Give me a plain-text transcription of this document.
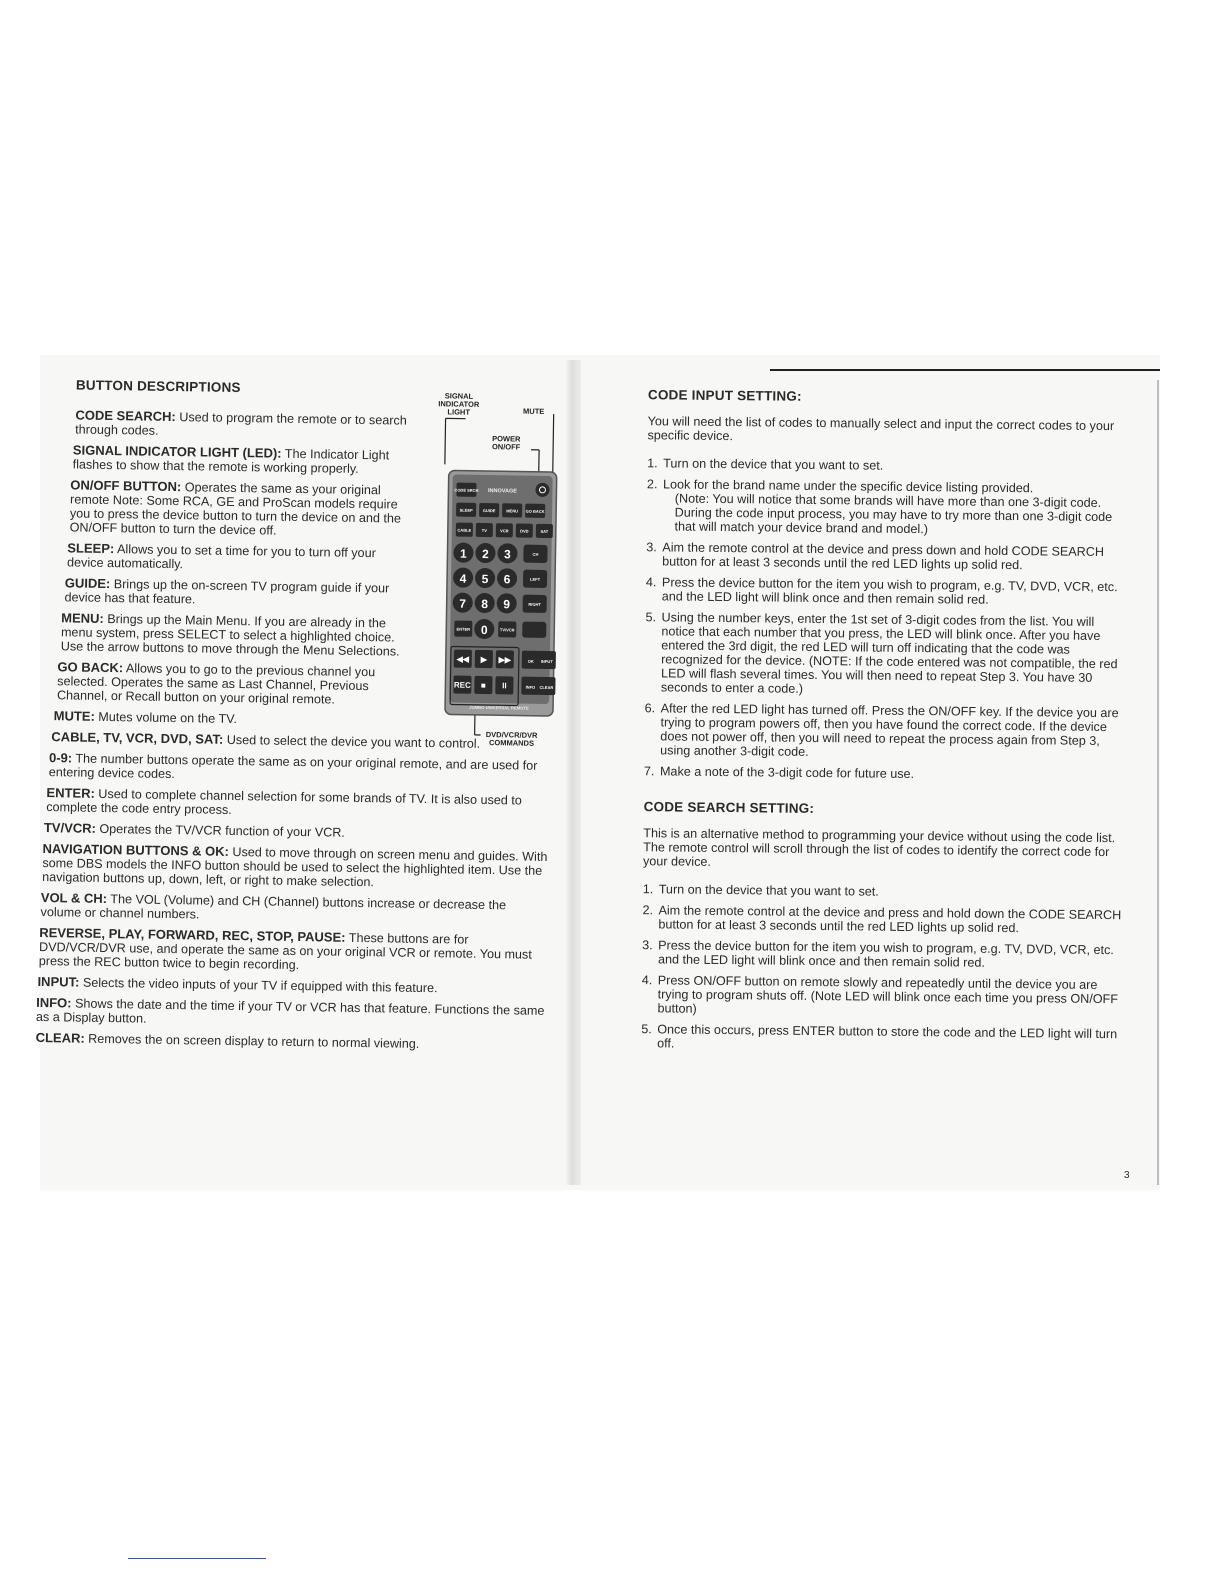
BUTTON DESCRIPTIONS
CODE SEARCH: Used to program the remote or to search through codes.
SIGNAL INDICATOR LIGHT (LED): The Indicator Light flashes to show that the remote is working properly.
ON/OFF BUTTON: Operates the same as your original remote Note: Some RCA, GE and ProScan models require you to press the device button to turn the device on and the ON/OFF button to turn the device off.
SLEEP: Allows you to set a time for you to turn off your device automatically.
GUIDE: Brings up the on-screen TV program guide if your device has that feature.
MENU: Brings up the Main Menu. If you are already in the menu system, press SELECT to select a highlighted choice. Use the arrow buttons to move through the Menu Selections.
GO BACK: Allows you to go to the previous channel you selected. Operates the same as Last Channel, Previous Channel, or Recall button on your original remote.
MUTE: Mutes volume on the TV.
CABLE, TV, VCR, DVD, SAT: Used to select the device you want to control.
0-9: The number buttons operate the same as on your original remote, and are used for entering device codes.
ENTER: Used to complete channel selection for some brands of TV. It is also used to complete the code entry process.
TV/VCR: Operates the TV/VCR function of your VCR.
NAVIGATION BUTTONS & OK: Used to move through on screen menu and guides. With some DBS models the INFO button should be used to select the highlighted item. Use the navigation buttons up, down, left, or right to make selection.
VOL & CH: The VOL (Volume) and CH (Channel) buttons increase or decrease the volume or channel numbers.
REVERSE, PLAY, FORWARD, REC, STOP, PAUSE: These buttons are for DVD/VCR/DVR use, and operate the same as on your original VCR or remote. You must press the REC button twice to begin recording.
INPUT: Selects the video inputs of your TV if equipped with this feature.
INFO: Shows the date and the time if your TV or VCR has that feature. Functions the same as a Display button.
CLEAR: Removes the on screen display to return to normal viewing.
SIGNAL INDICATOR LIGHT	MUTE
POWER ON/OFF
DVD/VCR/DVR COMMANDS
INNOVAGE
JUMBO UNIVERSAL REMOTE
CODE SRCH
SLEEP	GUIDE	MENU GO BACK
CABLE	TV	VCR	DVD	SAT
1 2 3
4 5 6
7 8 9
CH
LEFT
RIGHT
ENTER 0	TV/VCR
◀◀ ▶ ▶▶	OK INPUT
REC ■ II	INFO CLEAR
CODE INPUT SETTING:
You will need the list of codes to manually select and input the correct codes to your specific device.
1. Turn on the device that you want to set.
2. Look for the brand name under the specific device listing provided.
(Note: You will notice that some brands will have more than one 3-digit code. During the code input process, you may have to try more than one 3-digit code that will match your device brand and model.)
3. Aim the remote control at the device and press down and hold CODE SEARCH button for at least 3 seconds until the red LED lights up solid red.
4. Press the device button for the item you wish to program, e.g. TV, DVD, VCR, etc. and the LED light will blink once and then remain solid red.
5. Using the number keys, enter the 1st set of 3-digit codes from the list. You will notice that each number that you press, the LED will blink once. After you have entered the 3rd digit, the red LED will turn off indicating that the code was recognized for the device. (NOTE: If the code entered was not compatible, the red LED will flash several times. You will then need to repeat Step 3. You have 30 seconds to enter a code.)
6. After the red LED light has turned off. Press the ON/OFF key. If the device you are trying to program powers off, then you have found the correct code. If the device does not power off, then you will need to repeat the process again from Step 3, using another 3-digit code.
7. Make a note of the 3-digit code for future use.
CODE SEARCH SETTING:
This is an alternative method to programming your device without using the code list. The remote control will scroll through the list of codes to identify the correct code for your device.
1. Turn on the device that you want to set.
2. Aim the remote control at the device and press and hold down the CODE SEARCH button for at least 3 seconds until the red LED lights up solid red.
3. Press the device button for the item you wish to program, e.g. TV, DVD, VCR, etc. and the LED light will blink once and then remain solid red.
4. Press ON/OFF button on remote slowly and repeatedly until the device you are trying to program shuts off. (Note LED will blink once each time you press ON/OFF button)
5. Once this occurs, press ENTER button to store the code and the LED light will turn off.
3
